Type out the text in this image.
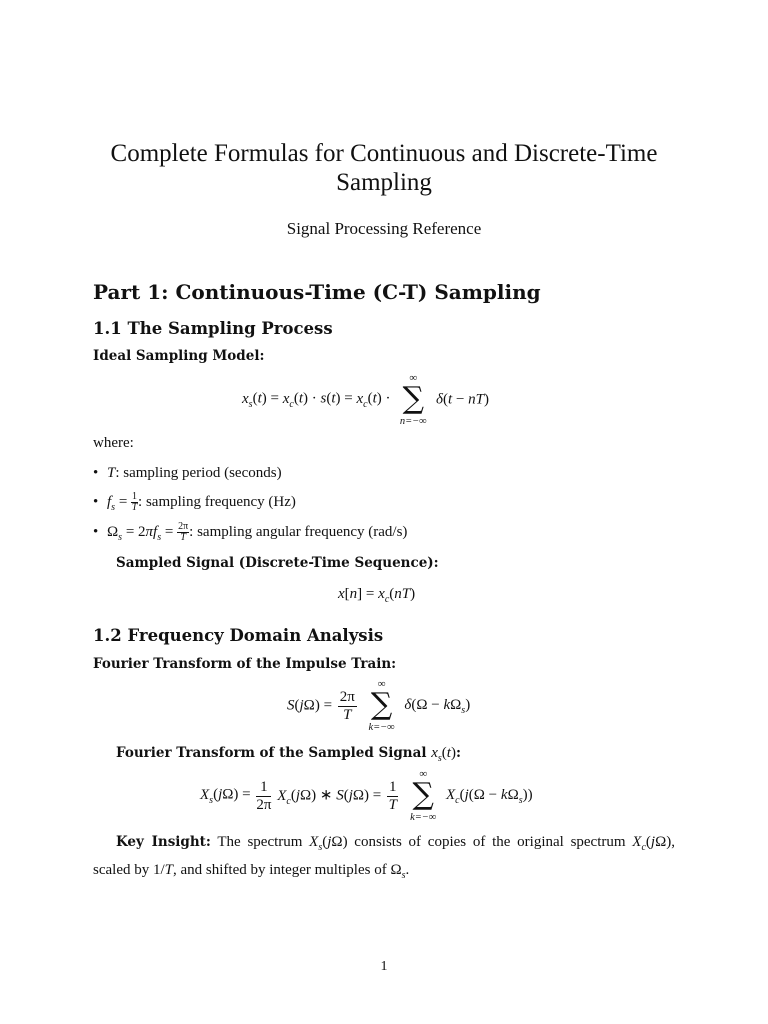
Complete Formulas for Continuous and Discrete-Time
Sampling
Signal Processing Reference
Part 1: Continuous-Time (C-T) Sampling
1.1 The Sampling Process
Ideal Sampling Model:
$x_s(t) = x_c(t) \cdot s(t) = x_c(t)$ ·
∞
∑
n=−∞
δ(t − nT)
where:
• T: sampling period (seconds)
• $f_s = \frac{1}{T}$ : sampling frequency (Hz)
• $\Omega_s = 2\pi f_s = \frac{2\pi}{T}$ : sampling angular frequency (rad/s)
Sampled Signal (Discrete-Time Sequence):
$x[n] = x_c(nT)$
1.2 Frequency Domain Analysis
Fourier Transform of the Impulse Train:
$S(j\Omega) = \frac{2\pi}{T}$

∞
∑
k=−∞
$\delta(\Omega - k\Omega_s)$
Fourier Transform of the Sampled Signal $x_s(t)$:
$X_s(j\Omega) = \frac{1}{2\pi} X_c(j\Omega)$ ∗ $S(j\Omega) = \frac{1}{T}$

∞
∑
k=−∞
$X_c(j(\Omega - k\Omega_s))$
Key Insight: The spectrum $X_s(j\Omega)$ consists of copies of the original spectrum $X_c(j\Omega)$, scaled by 1/T, and shifted by integer multiples of $\Omega_s$.
1
